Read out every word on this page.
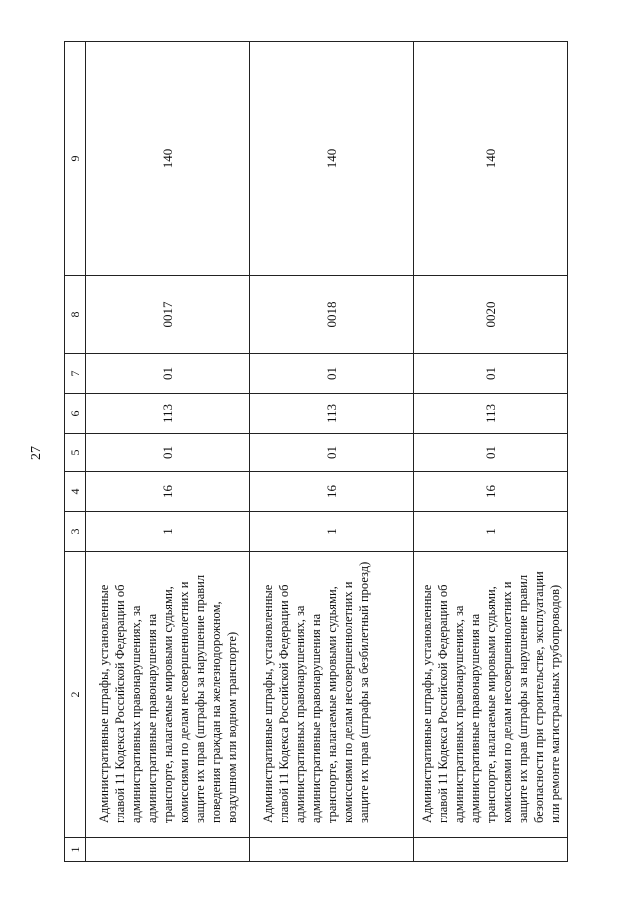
27
1	2	3	4	5	6	7	8	9
	Административные штрафы, установленные главой 11 Кодекса Российской Федерации об административных правонарушениях, за административные правонарушения на транспорте, налагаемые мировыми судьями, комиссиями по делам несовершеннолетних и защите их прав (штрафы за нарушение правил поведения граждан на железнодорожном, воздушном или водном транспорте)	1	16	01	113	01	0017	140
	Административные штрафы, установленные главой 11 Кодекса Российской Федерации об административных правонарушениях, за административные правонарушения на транспорте, налагаемые мировыми судьями, комиссиями по делам несовершеннолетних и защите их прав (штрафы за безбилетный проезд)	1	16	01	113	01	0018	140
	Административные штрафы, установленные главой 11 Кодекса Российской Федерации об административных правонарушениях, за административные правонарушения на транспорте, налагаемые мировыми судьями, комиссиями по делам несовершеннолетних и защите их прав (штрафы за нарушение правил безопасности при строительстве, эксплуатации или ремонте магистральных трубопроводов)	1	16	01	113	01	0020	140
